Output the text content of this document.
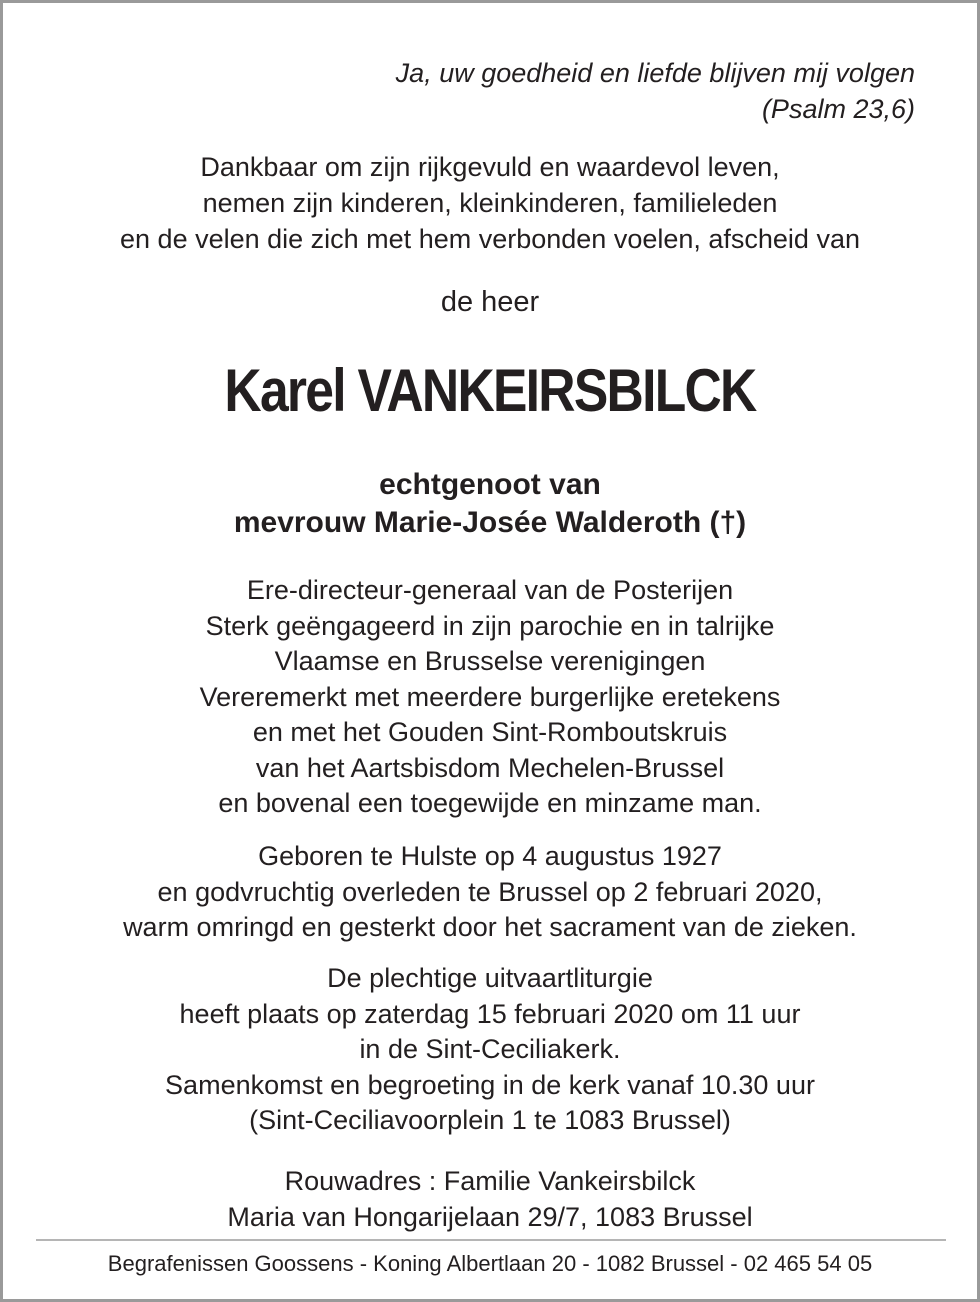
Ja, uw goedheid en liefde blijven mij volgen
(Psalm 23,6)
Dankbaar om zijn rijkgevuld en waardevol leven,
nemen zijn kinderen, kleinkinderen, familieleden
en de velen die zich met hem verbonden voelen, afscheid van
de heer
Karel VANKEIRSBILCK
echtgenoot van
mevrouw Marie-Josée Walderoth (†)
Ere-directeur-generaal van de Posterijen
Sterk geëngageerd in zijn parochie en in talrijke
Vlaamse en Brusselse verenigingen
Vereremerkt met meerdere burgerlijke eretekens
en met het Gouden Sint-Romboutskruis
van het Aartsbisdom Mechelen-Brussel
en bovenal een toegewijde en minzame man.
Geboren te Hulste op 4 augustus 1927
en godvruchtig overleden te Brussel op 2 februari 2020,
warm omringd en gesterkt door het sacrament van de zieken.
De plechtige uitvaartliturgie
heeft plaats op zaterdag 15 februari 2020 om 11 uur
in de Sint-Ceciliakerk.
Samenkomst en begroeting in de kerk vanaf 10.30 uur
(Sint-Ceciliavoorplein 1 te 1083 Brussel)
Rouwadres : Familie Vankeirsbilck
Maria van Hongarijelaan 29/7, 1083 Brussel
Begrafenissen Goossens - Koning Albertlaan 20 - 1082 Brussel - 02 465 54 05
